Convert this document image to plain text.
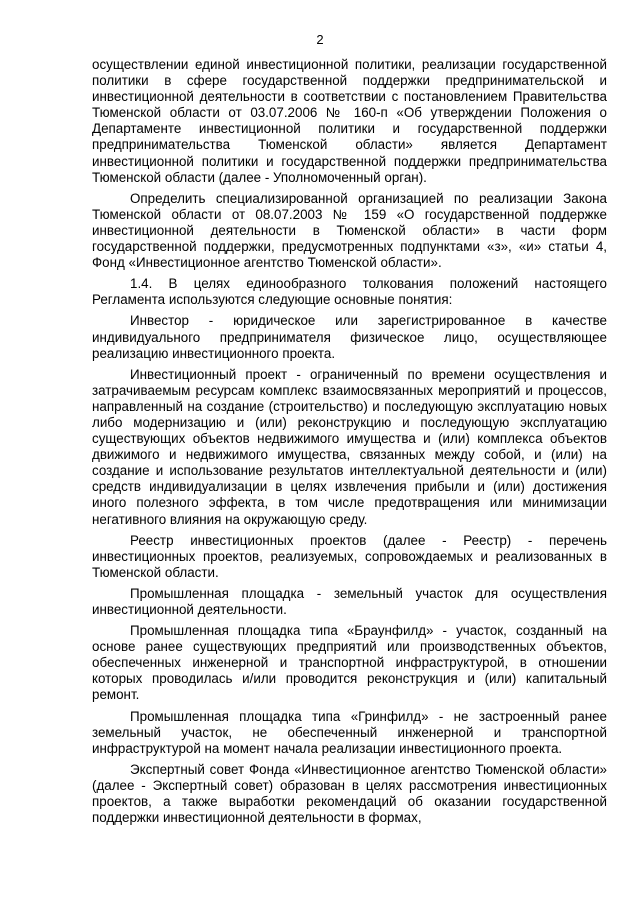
2

осуществлении единой инвестиционной политики, реализации государственной политики в сфере государственной поддержки предпринимательской и инвестиционной деятельности в соответствии с постановлением Правительства Тюменской области от 03.07.2006 № 160-п «Об утверждении Положения о Департаменте инвестиционной политики и государственной поддержки предпринимательства Тюменской области» является Департамент инвестиционной политики и государственной поддержки предпринимательства Тюменской области (далее - Уполномоченный орган).

Определить специализированной организацией по реализации Закона Тюменской области от 08.07.2003 № 159 «О государственной поддержке инвестиционной деятельности в Тюменской области» в части форм государственной поддержки, предусмотренных подпунктами «з», «и» статьи 4, Фонд «Инвестиционное агентство Тюменской области».

1.4. В целях единообразного толкования положений настоящего Регламента используются следующие основные понятия:

Инвестор - юридическое или зарегистрированное в качестве индивидуального предпринимателя физическое лицо, осуществляющее реализацию инвестиционного проекта.

Инвестиционный проект - ограниченный по времени осуществления и затрачиваемым ресурсам комплекс взаимосвязанных мероприятий и процессов, направленный на создание (строительство) и последующую эксплуатацию новых либо модернизацию и (или) реконструкцию и последующую эксплуатацию существующих объектов недвижимого имущества и (или) комплекса объектов движимого и недвижимого имущества, связанных между собой, и (или) на создание и использование результатов интеллектуальной деятельности и (или) средств индивидуализации в целях извлечения прибыли и (или) достижения иного полезного эффекта, в том числе предотвращения или минимизации негативного влияния на окружающую среду.

Реестр инвестиционных проектов (далее - Реестр) - перечень инвестиционных проектов, реализуемых, сопровождаемых и реализованных в Тюменской области.

Промышленная площадка - земельный участок для осуществления инвестиционной деятельности.

Промышленная площадка типа «Браунфилд» - участок, созданный на основе ранее существующих предприятий или производственных объектов, обеспеченных инженерной и транспортной инфраструктурой, в отношении которых проводилась и/или проводится реконструкция и (или) капитальный ремонт.

Промышленная площадка типа «Гринфилд» - не застроенный ранее земельный участок, не обеспеченный инженерной и транспортной инфраструктурой на момент начала реализации инвестиционного проекта.

Экспертный совет Фонда «Инвестиционное агентство Тюменской области» (далее - Экспертный совет) образован в целях рассмотрения инвестиционных проектов, а также выработки рекомендаций об оказании государственной поддержки инвестиционной деятельности в формах,
